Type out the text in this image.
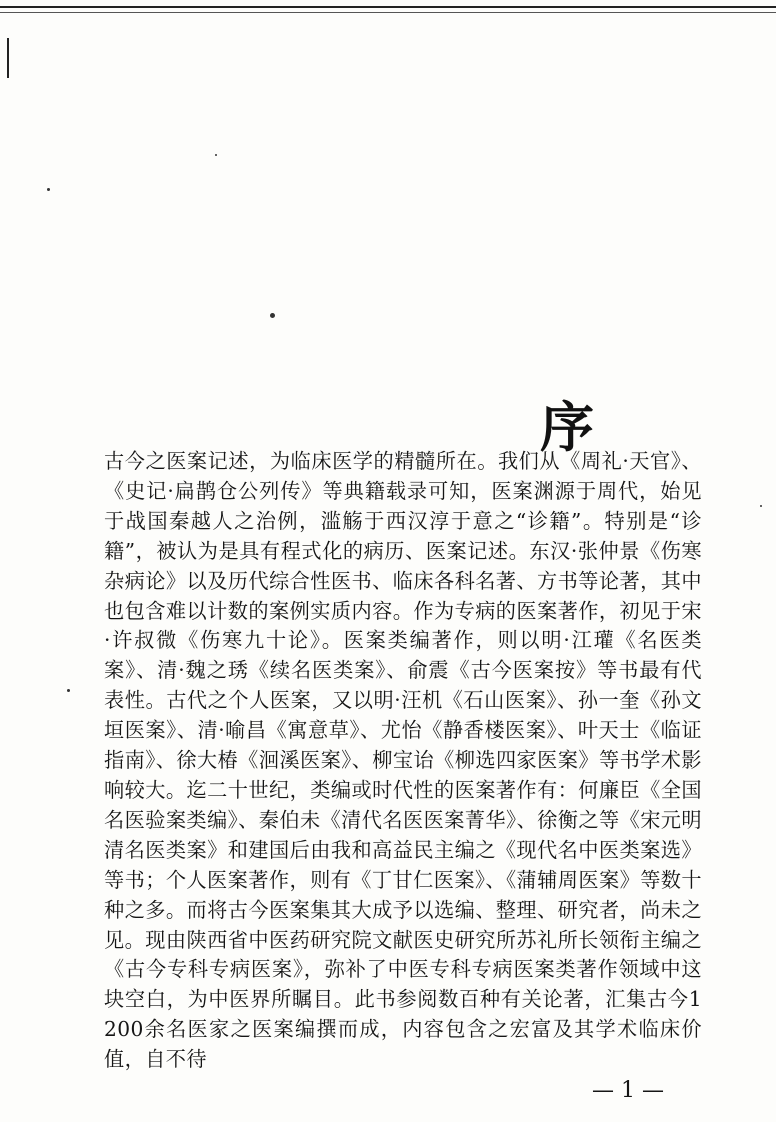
序

古今之医案记述，为临床医学的精髓所在。我们从《周礼·天官》、《史记·扁鹊仓公列传》等典籍载录可知，医案渊源于周代，始见于战国秦越人之治例，滥觞于西汉淳于意之“诊籍”。特别是“诊籍”，被认为是具有程式化的病历、医案记述。东汉·张仲景《伤寒杂病论》以及历代综合性医书、临床各科名著、方书等论著，其中也包含难以计数的案例实质内容。作为专病的医案著作，初见于宋·许叔微《伤寒九十论》。医案类编著作，则以明·江瓘《名医类案》、清·魏之琇《续名医类案》、俞震《古今医案按》等书最有代表性。古代之个人医案，又以明·汪机《石山医案》、孙一奎《孙文垣医案》、清·喻昌《寓意草》、尤怡《静香楼医案》、叶天士《临证指南》、徐大椿《洄溪医案》、柳宝诒《柳选四家医案》等书学术影响较大。迄二十世纪，类编或时代性的医案著作有：何廉臣《全国名医验案类编》、秦伯未《清代名医医案菁华》、徐衡之等《宋元明清名医类案》和建国后由我和高益民主编之《现代名中医类案选》等书；个人医案著作，则有《丁甘仁医案》、《蒲辅周医案》等数十种之多。而将古今医案集其大成予以选编、整理、研究者，尚未之见。现由陕西省中医药研究院文献医史研究所苏礼所长领衔主编之《古今专科专病医案》，弥补了中医专科专病医案类著作领域中这块空白，为中医界所瞩目。此书参阅数百种有关论著，汇集古今1 200余名医家之医案编撰而成，内容包含之宏富及其学术临床价值，自不待

— 1 —
